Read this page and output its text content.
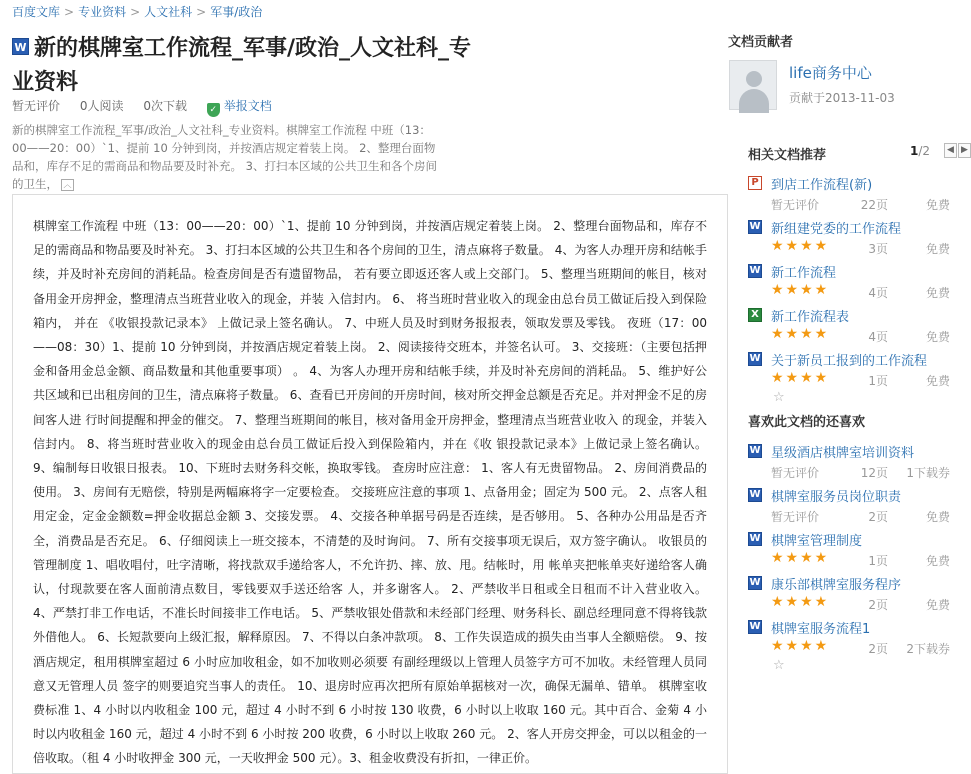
百度文库 > 专业资料 > 人文社科 > 军事/政治
W 新的棋牌室工作流程_军事/政治_人文社科_专业资料
暂无评价 0人阅读 0次下载	✓ 举报文档
新的棋牌室工作流程_军事/政治_人文社科_专业资料。棋牌室工作流程 中班（13：00——20：00）`1、提前 10 分钟到岗，并按酒店规定着装上岗。 2、整理台面物品和，库存不足的需商品和物品要及时补充。 3、打扫本区域的公共卫生和各个房间的卫生， ︿
棋牌室工作流程 中班（13：00——20：00）`1、提前 10 分钟到岗，并按酒店规定着装上岗。 2、整理台面物品和，库存不足的需商品和物品要及时补充。 3、打扫本区域的公共卫生和各个房间的卫生，清点麻将子数量。 4、为客人办理开房和结帐手续，并及时补充房间的消耗品。检查房间是否有遗留物品， 若有要立即返还客人或上交部门。 5、整理当班期间的帐目，核对备用金开房押金，整理清点当班营业收入的现金，并装 入信封内。 6、 将当班时营业收入的现金由总台员工做证后投入到保险箱内， 并在 《收银投款记录本》 上做记录上签名确认。 7、中班人员及时到财务报报表，领取发票及零钱。 夜班（17：00——08：30）1、提前 10 分钟到岗，并按酒店规定着装上岗。 2、阅读接待交班本，并签名认可。 3、交接班：（主要包括押金和备用金总金额、商品数量和其他重要事项） 。 4、为客人办理开房和结帐手续，并及时补充房间的消耗品。 5、维护好公共区域和已出租房间的卫生，清点麻将子数量。 6、查看已开房间的开房时间，核对所交押金总额是否充足。并对押金不足的房间客人进 行时间提醒和押金的催交。 7、整理当班期间的帐目，核对备用金开房押金，整理清点当班营业收入 的现金，并装入信封内。 8、将当班时营业收入的现金由总台员工做证后投入到保险箱内，并在《收 银投款记录本》上做记录上签名确认。 9、编制每日收银日报表。 10、下班时去财务科交帐，换取零钱。 查房时应注意： 1、客人有无贵留物品。 2、房间消费品的使用。 3、房间有无赔偿，特别是两幅麻将字一定要检查。 交接班应注意的事项 1、点备用金；固定为 500 元。 2、点客人租用定金，定金金额数=押金收据总金额 3、交接发票。 4、交接各种单据号码是否连续，是否够用。 5、各种办公用品是否齐全，消费品是否充足。 6、仔细阅读上一班交接本，不清楚的及时询问。 7、所有交接事项无误后，双方签字确认。 收银员的管理制度 1、唱收唱付，吐字清晰，将找款双手递给客人，不允许扔、摔、放、甩。结帐时，用 帐单夹把帐单夹好递给客人确认，付现款要在客人面前清点数目，零钱要双手送还给客 人，并多谢客人。 2、严禁收半日租或全日租而不计入营业收入。 4、严禁打非工作电话，不准长时间接非工作电话。 5、严禁收银处借款和未经部门经理、财务科长、副总经理同意不得将钱款 外借他人。 6、长短款要向上级汇报，解释原因。 7、不得以白条冲款项。 8、工作失误造成的损失由当事人全额赔偿。 9、按酒店规定，租用棋牌室超过 6 小时应加收租金，如不加收则必须要 有副经理级以上管理人员签字方可不加收。未经管理人员同意又无管理人员 签字的则要追究当事人的责任。 10、退房时应再次把所有原始单据核对一次，确保无漏单、错单。 棋牌室收费标准 1、4 小时以内收租金 100 元，超过 4 小时不到 6 小时按 130 收费，6 小时以上收取 160 元。其中百合、金菊 4 小时以内收租金 160 元，超过 4 小时不到 6 小时按 200 收费，6 小时以上收取 260 元。 2、客人开房交押金，可以以租金的一倍收取。（租 4 小时收押金 300 元，一天收押金 500 元）。3、租金收费没有折扣，一律正价。
文档贡献者
life商务中心
贡献于2013-11-03
相关文档推荐	1/2	◀ ▶
P 到店工作流程(新)
暂无评价	22页	免费
W 新组建党委的工作流程
★★★★	3页	免费
W 新工作流程
★★★★	4页	免费
X 新工作流程表
★★★★	4页	免费
W 关于新员工报到的工作流程
★★★★	1页	免费
☆
喜欢此文档的还喜欢
W 星级酒店棋牌室培训资料
暂无评价	12页	1下载券
W 棋牌室服务员岗位职责
暂无评价	2页	免费
W 棋牌室管理制度
★★★★	1页	免费
W 康乐部棋牌室服务程序
★★★★	2页	免费
W 棋牌室服务流程1
★★★★	2页	2下载券
☆
